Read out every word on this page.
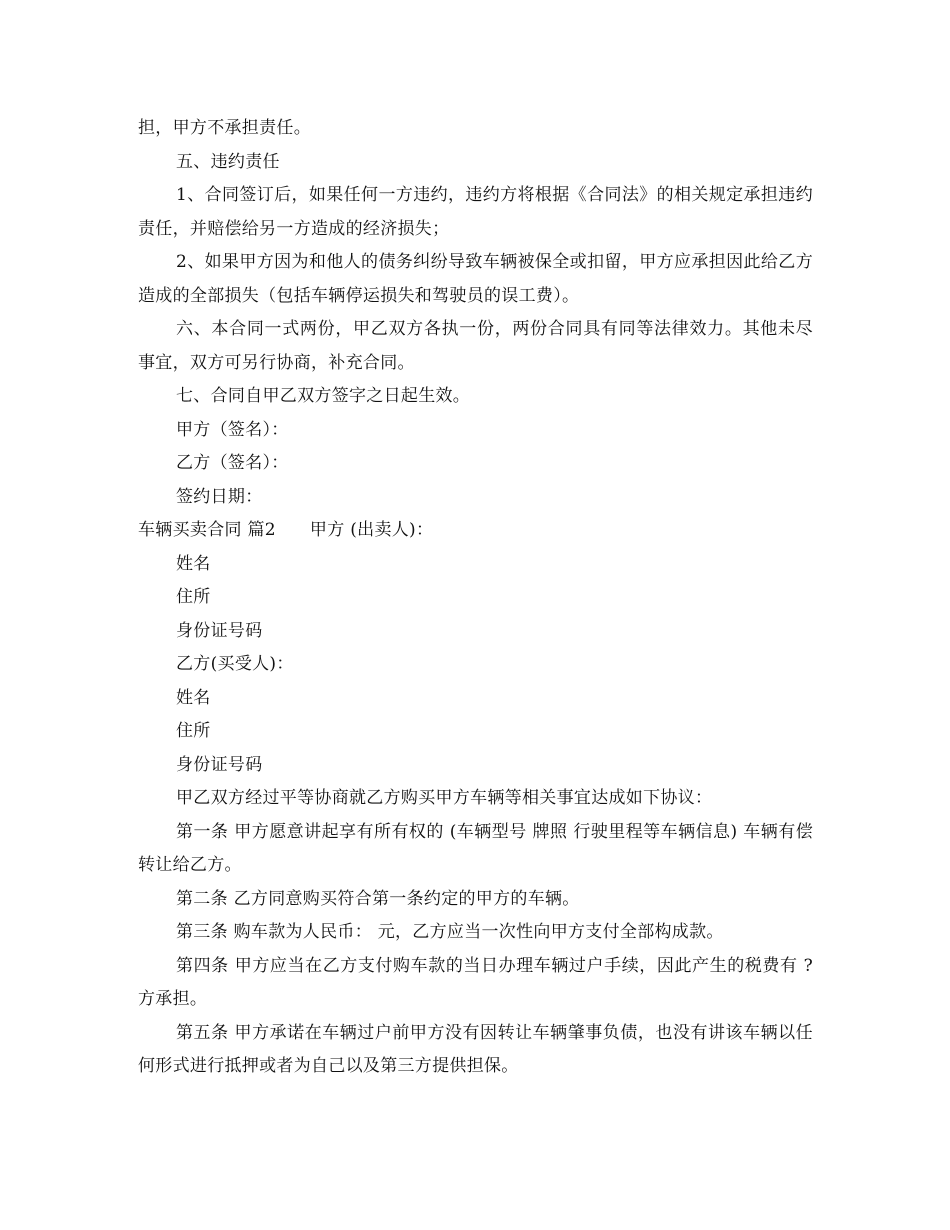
担，甲方不承担责任。

五、违约责任

1、合同签订后，如果任何一方违约，违约方将根据《合同法》的相关规定承担违约责任，并赔偿给另一方造成的经济损失；

2、如果甲方因为和他人的债务纠纷导致车辆被保全或扣留，甲方应承担因此给乙方造成的全部损失（包括车辆停运损失和驾驶员的误工费）。

六、本合同一式两份，甲乙双方各执一份，两份合同具有同等法律效力。其他未尽事宜，双方可另行协商，补充合同。

七、合同自甲乙双方签字之日起生效。

甲方（签名）：

乙方（签名）：

签约日期：

车辆买卖合同 篇2 甲方 (出卖人)：

姓名

住所

身份证号码

乙方(买受人)：

姓名

住所

身份证号码

甲乙双方经过平等协商就乙方购买甲方车辆等相关事宜达成如下协议：

第一条 甲方愿意讲起享有所有权的 (车辆型号 牌照 行驶里程等车辆信息) 车辆有偿转让给乙方。

第二条 乙方同意购买符合第一条约定的甲方的车辆。

第三条 购车款为人民币： 元，乙方应当一次性向甲方支付全部构成款。

第四条 甲方应当在乙方支付购车款的当日办理车辆过户手续，因此产生的税费有 ?方承担。

第五条 甲方承诺在车辆过户前甲方没有因转让车辆肇事负债，也没有讲该车辆以任何形式进行抵押或者为自己以及第三方提供担保。
